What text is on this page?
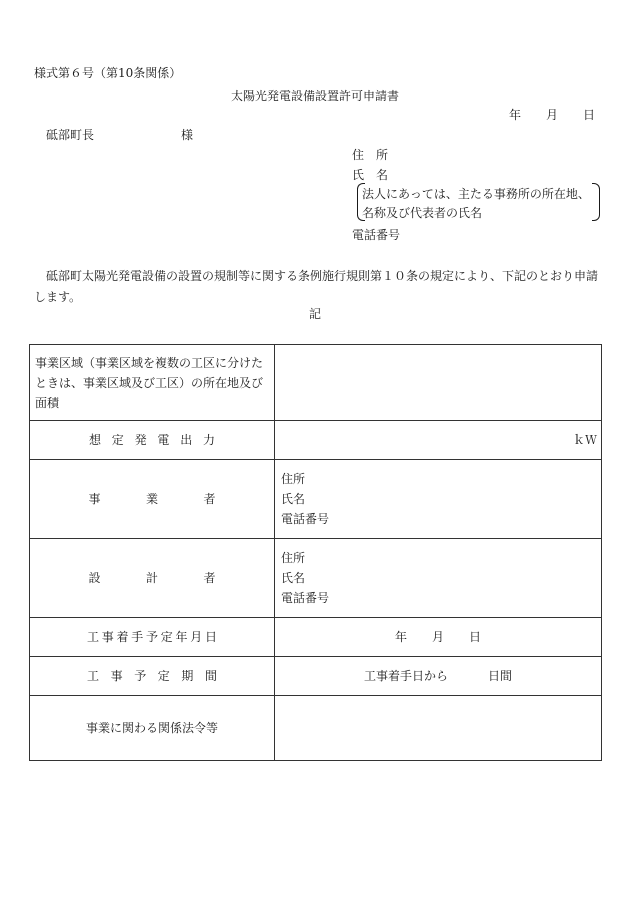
様式第６号（第10条関係）
太陽光発電設備設置許可申請書
年 月 日
砥部町長	様
住　所
氏　名
法人にあっては、主たる事務所の所在地、
名称及び代表者の氏名
電話番号
砥部町太陽光発電設備の設置の規制等に関する条例施行規則第１０条の規定により、下記のとおり申請します。
記
事業区域（事業区域を複数の工区に分けたときは、事業区域及び工区）の所在地及び面積	
想定発電出力	ｋＷ
事業者	住所
氏名
電話番号

設計者	住所
氏名
電話番号

工事着手予定年月日	年 月 日
工事予定期間	工事着手日から 日間
事業に関わる関係法令等	
